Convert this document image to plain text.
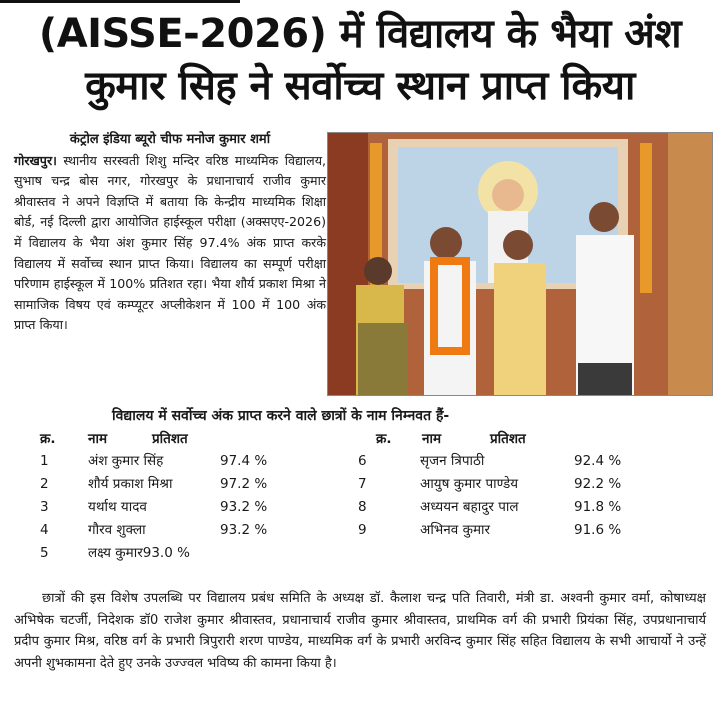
(AISSE-2026) में विद्यालय के भैया अंश
कुमार सिह ने सर्वोच्च स्थान प्राप्त किया
कंट्रोल इंडिया ब्यूरो चीफ मनोज कुमार शर्मा
गोरखपुर। स्थानीय सरस्वती शिशु मन्दिर वरिष्ठ माध्यमिक विद्यालय, सुभाष चन्द्र बोस नगर, गोरखपुर के प्रधानाचार्य राजीव कुमार श्रीवास्तव ने अपने विज्ञप्ति में बताया कि केन्द्रीय माध्यमिक शिक्षा बोर्ड, नई दिल्ली द्वारा आयोजित हाईस्कूल परीक्षा (अक्सएए-2026) में विद्यालय के भैया अंश कुमार सिंह 97.4% अंक प्राप्त करके विद्यालय में सर्वोच्च स्थान प्राप्त किया। विद्यालय का सम्पूर्ण परीक्षा परिणाम हाईस्कूल में 100% प्रतिशत रहा। भैया शौर्य प्रकाश मिश्रा ने सामाजिक विषय एवं कम्प्यूटर अप्लीकेशन में 100 में 100 अंक प्राप्त किया।
विद्यालय में सर्वोच्च अंक प्राप्त करने वाले छात्रों के नाम निम्नवत हैं-
क्र. नाम	प्रतिशत
1	अंश कुमार सिंह	97.4 %
2	शौर्य प्रकाश मिश्रा	97.2 %
3	यर्थाथ यादव	93.2 %
4	गौरव शुक्ला	93.2 %
5	लक्ष्य कुमार93.0 %
क्र. नाम	प्रतिशत
6	सृजन त्रिपाठी	92.4 %
7	आयुष कुमार पाण्डेय	92.2 %
8	अध्ययन बहादुर पाल	91.8 %
9	अभिनव कुमार	91.6 %
छात्रों की इस विशेष उपलब्धि पर विद्यालय प्रबंध समिति के अध्यक्ष डॉ. कैलाश चन्द्र पति तिवारी, मंत्री डा. अश्वनी कुमार वर्मा, कोषाध्यक्ष अभिषेक चटर्जी, निदेशक डॉ0 राजेश कुमार श्रीवास्तव, प्रधानाचार्य राजीव कुमार श्रीवास्तव, प्राथमिक वर्ग की प्रभारी प्रियंका सिंह, उपप्रधानाचार्य प्रदीप कुमार मिश्र, वरिष्ठ वर्ग के प्रभारी त्रिपुरारी शरण पाण्डेय, माध्यमिक वर्ग के प्रभारी अरविन्द कुमार सिंह सहित विद्यालय के सभी आचार्यो ने उन्हें अपनी शुभकामना देते हुए उनके उज्ज्वल भविष्य की कामना किया है।
